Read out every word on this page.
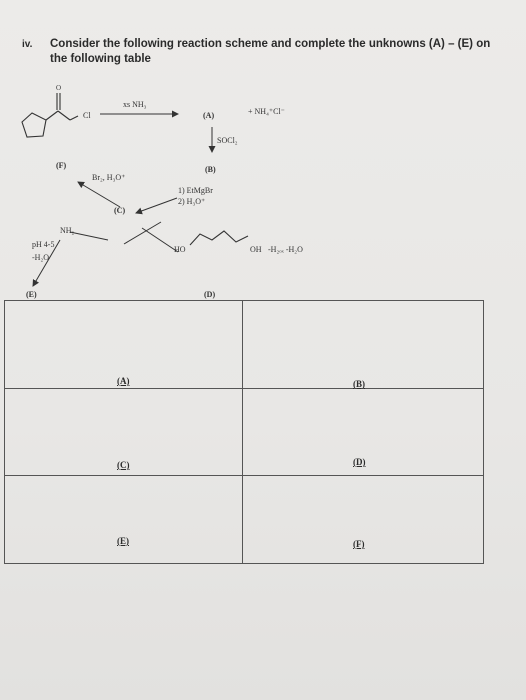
iv. Consider the following reaction scheme and complete the unknowns (A) – (E) on the following table
O
Cl
xs NH₃
(A)	+ NH₄⁺Cl⁻
SOCl₂
(B)
1) EtMgBr
2) H₃O⁺
(F)
Br₂, H₃O⁺
(C)
NH₂
pH 4-5
-H₂O
(E)
HO	OH -H₂ₒₓ -H₂O
(D)
(A)	(B)
(C)	(D)
(E)	(F)
